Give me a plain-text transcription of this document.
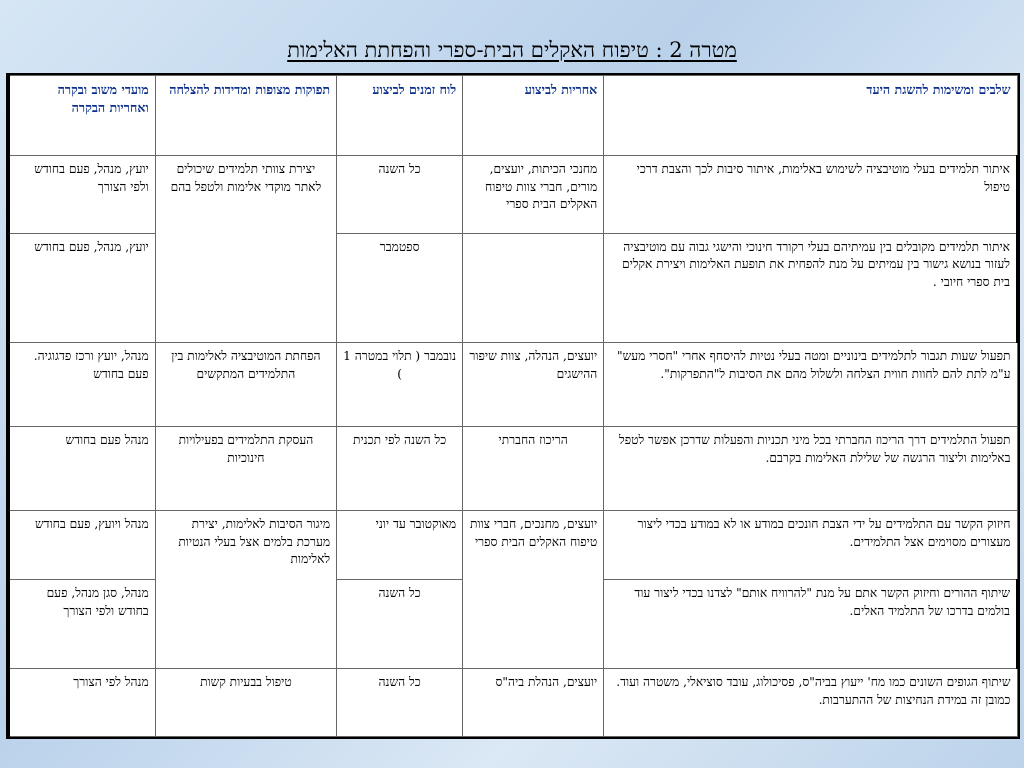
מטרה 2 : טיפוח האקלים הבית-ספרי והפחתת האלימות
שלבים ומשימות להשגת היעד	אחריות לביצוע	לוח זמנים לביצוע	תפוקות מצופות ומדידות להצלחה	מועדי משוב ובקרה ואחריות הבקרה
איתור תלמידים בעלי מוטיבציה לשימוש באלימות, איתור סיבות לכך והצבת דרכי טיפול	מחנכי הכיתות, יועצים, מורים, חברי צוות טיפוח האקלים הבית ספרי	כל השנה	יצירת צוותי תלמידים שיכולים לאתר מוקדי אלימות ולטפל בהם	יועץ, מנהל, פעם בחודש ולפי הצורך
איתור תלמידים מקובלים בין עמיתיהם בעלי רקורד חינוכי והישגי גבוה עם מוטיבציה לעזור בנושא גישור בין עמיתים על מנת להפחית את תופעת האלימות ויצירת אקלים בית ספרי חיובי .		ספטמבר		יועץ, מנהל, פעם בחודש
תפעול שעות תגבור לתלמידים בינוניים ומטה בעלי נטיות להיסחף אחרי "חסרי מעש" ע"מ לתת להם לחוות חווית הצלחה ולשלול מהם את הסיבות ל"התפרקות".	יועצים, הנהלה, צוות שיפור ההישגים	נובמבר ( תלוי במטרה 1 )	הפחתת המוטיבציה לאלימות בין התלמידים המתקשים	מנהל, יועץ ורכז פדגוגיה. פעם בחודש
תפעול התלמידים דרך הריכוז החברתי בכל מיני תכניות והפעלות שדרכן אפשר לטפל באלימות וליצור הרגשה של שלילת האלימות בקרבם.	הריכוז החברתי	כל השנה לפי תכנית	העסקת התלמידים בפעילויות חינוכיות	מנהל פעם בחודש
חיזוק הקשר עם התלמידים על ידי הצבת חונכים במודע או לא במודע בכדי ליצור מעצורים מסוימים אצל התלמידים.	יועצים, מחנכים, חברי צוות טיפוח האקלים הבית ספרי	מאוקטובר עד יוני	מיגור הסיבות לאלימות, יצירת מערכת בלמים אצל בעלי הנטיות לאלימות	מנהל ויועץ, פעם בחודש
שיתוף ההורים וחיזוק הקשר אתם על מנת "להרוויח אותם" לצדנו בכדי ליצור עוד בולמים בדרכו של התלמיד האלים.		כל השנה		מנהל, סגן מנהל, פעם בחודש ולפי הצורך
שיתוף הגופים השונים כמו מח' ייעוץ בביה"ס, פסיכולוג, עובד סוציאלי, משטרה ועוד. כמובן זה במידת הנחיצות של ההתערבות.	יועצים, הנהלת ביה"ס	כל השנה	טיפול בבעיות קשות	מנהל לפי הצורך
